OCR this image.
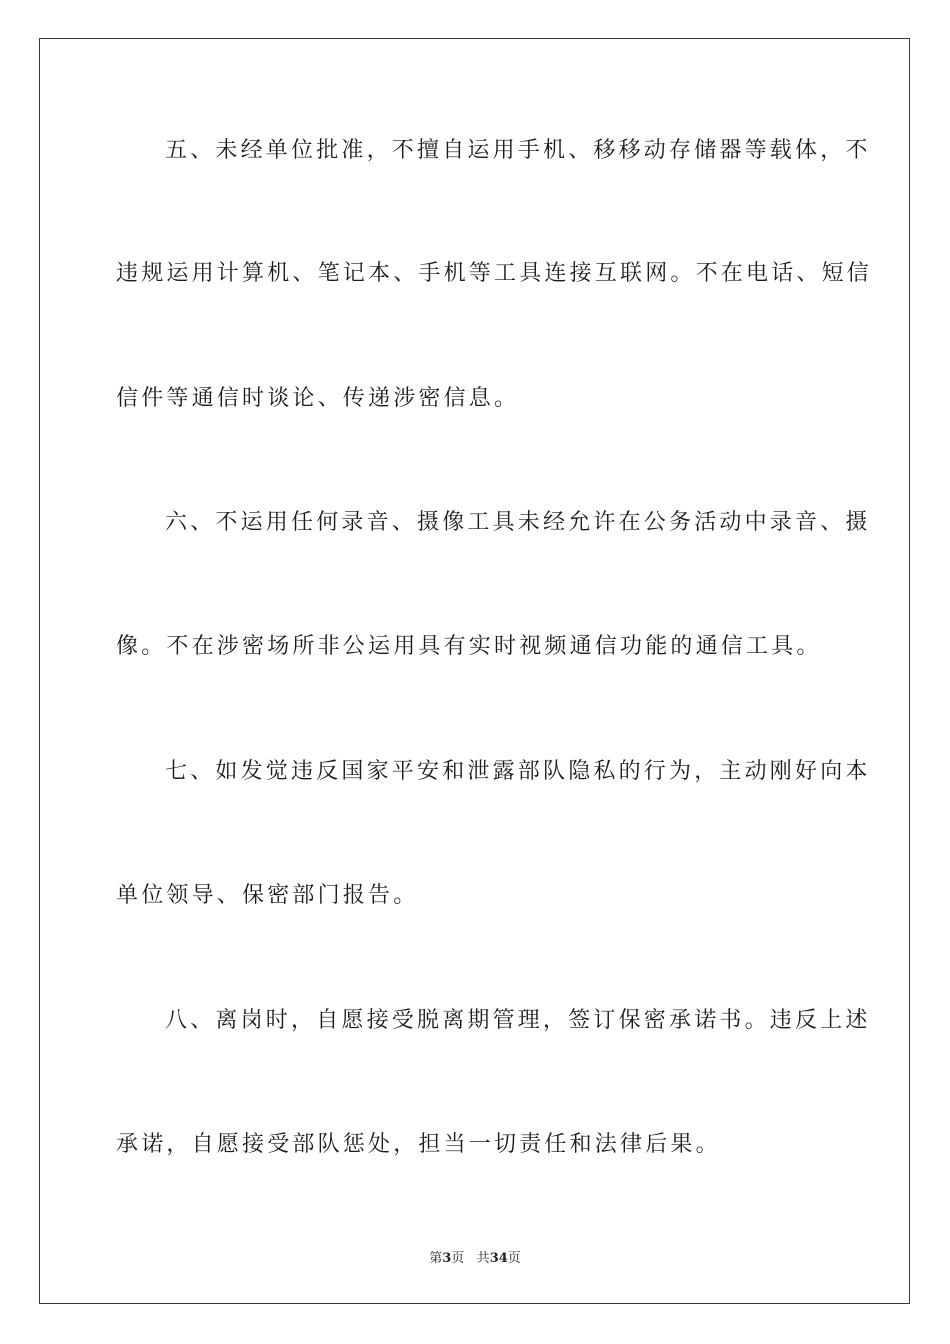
五、未经单位批准，不擅自运用手机、移移动存储器等载体，不
违规运用计算机、笔记本、手机等工具连接互联网。不在电话、短信
信件等通信时谈论、传递涉密信息。
六、不运用任何录音、摄像工具未经允许在公务活动中录音、摄
像。不在涉密场所非公运用具有实时视频通信功能的通信工具。
七、如发觉违反国家平安和泄露部队隐私的行为，主动刚好向本
单位领导、保密部门报告。
八、离岗时，自愿接受脱离期管理，签订保密承诺书。违反上述
承诺，自愿接受部队惩处，担当一切责任和法律后果。
第3页 共34页
